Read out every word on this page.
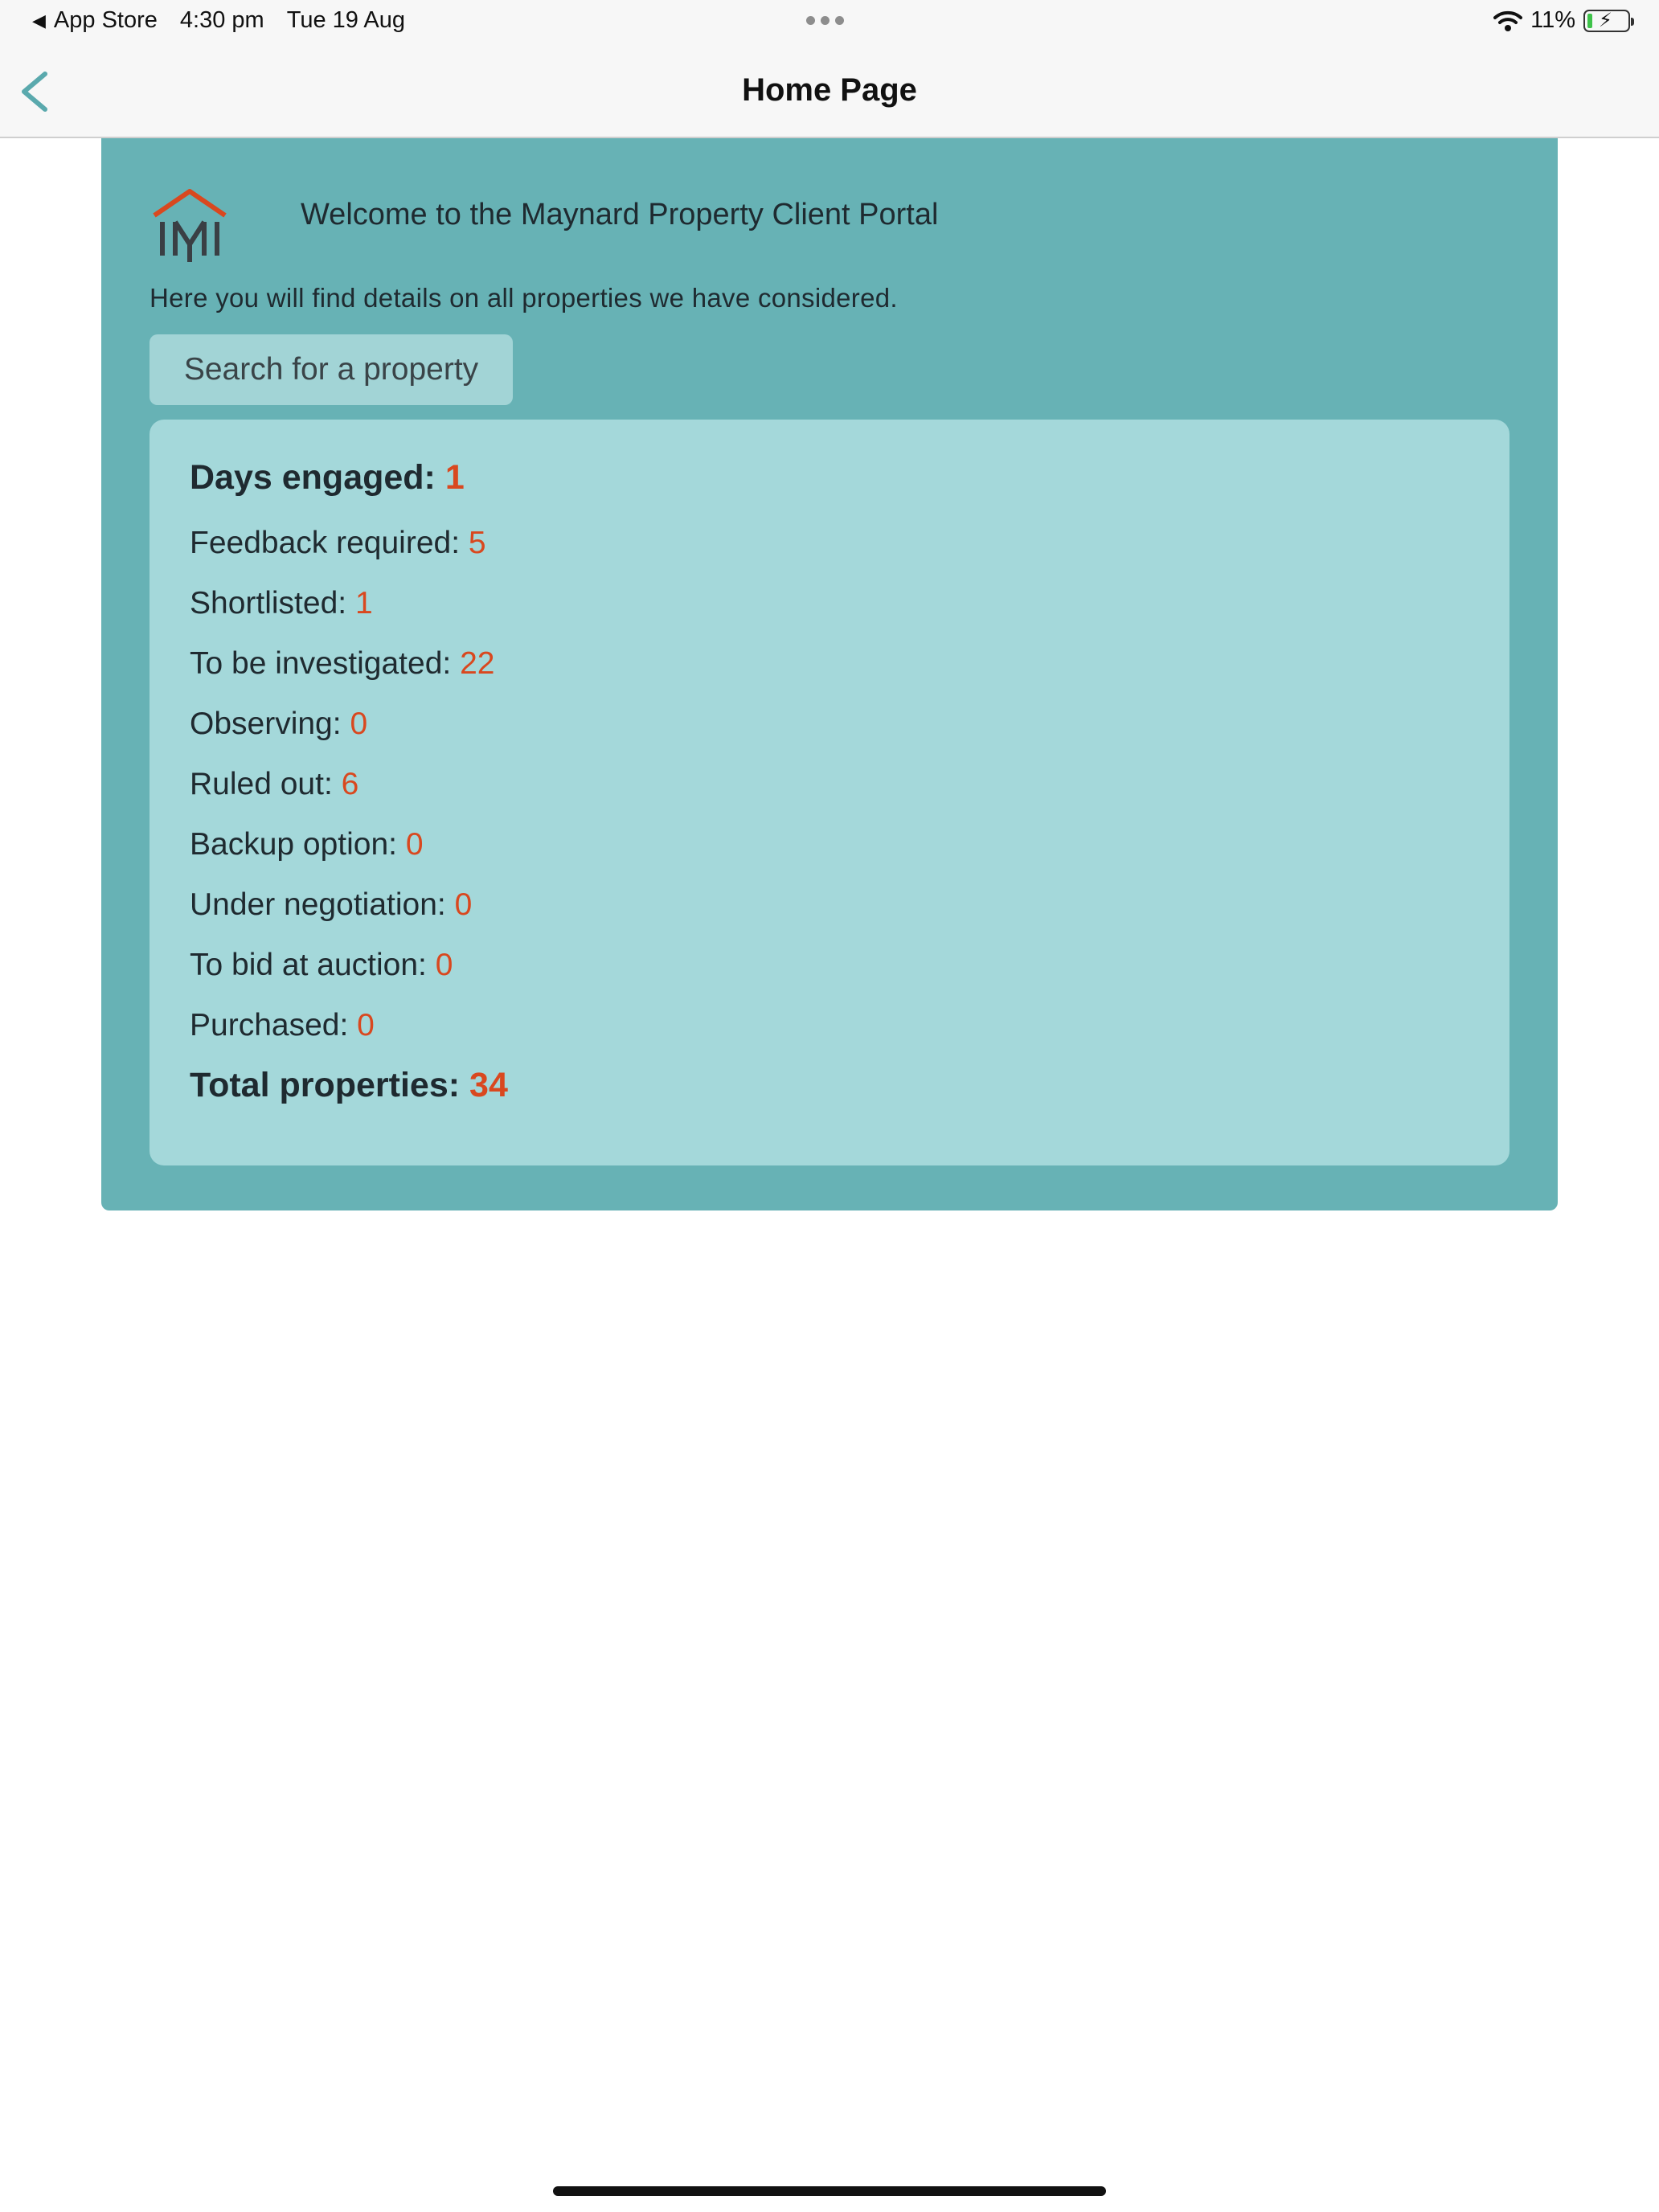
◀ App Store 4:30 pm Tue 19 Aug	11% ⚡
Home Page
Welcome to the Maynard Property Client Portal
Here you will find details on all properties we have considered.
Search for a property
Days engaged: 1
Feedback required: 5
Shortlisted: 1
To be investigated: 22
Observing: 0
Ruled out: 6
Backup option: 0
Under negotiation: 0
To bid at auction: 0
Purchased: 0
Total properties: 34
